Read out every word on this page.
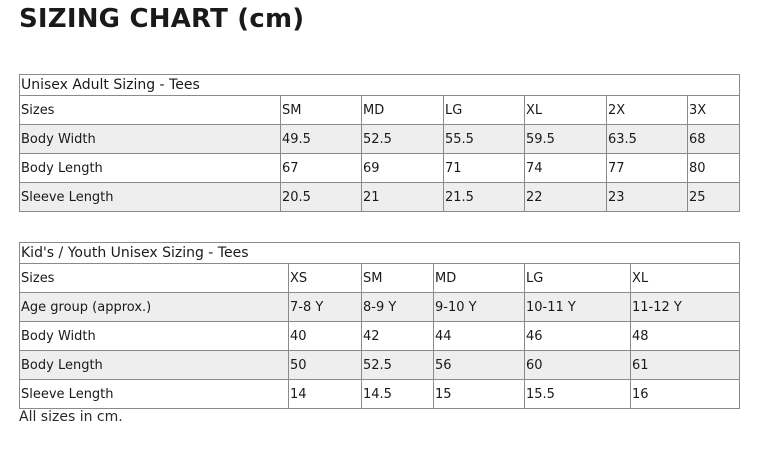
SIZING CHART (cm)
Unisex Adult Sizing - Tees						
Sizes	SM	MD	LG	XL	2X	3X
Body Width	49.5	52.5	55.5	59.5	63.5	68
Body Length	67	69	71	74	77	80
Sleeve Length	20.5	21	21.5	22	23	25
Kid's / Youth Unisex Sizing - Tees					
Sizes	XS	SM	MD	LG	XL
Age group (approx.)	7-8 Y	8-9 Y	9-10 Y	10-11 Y	11-12 Y
Body Width	40	42	44	46	48
Body Length	50	52.5	56	60	61
Sleeve Length	14	14.5	15	15.5	16
All sizes in cm.
